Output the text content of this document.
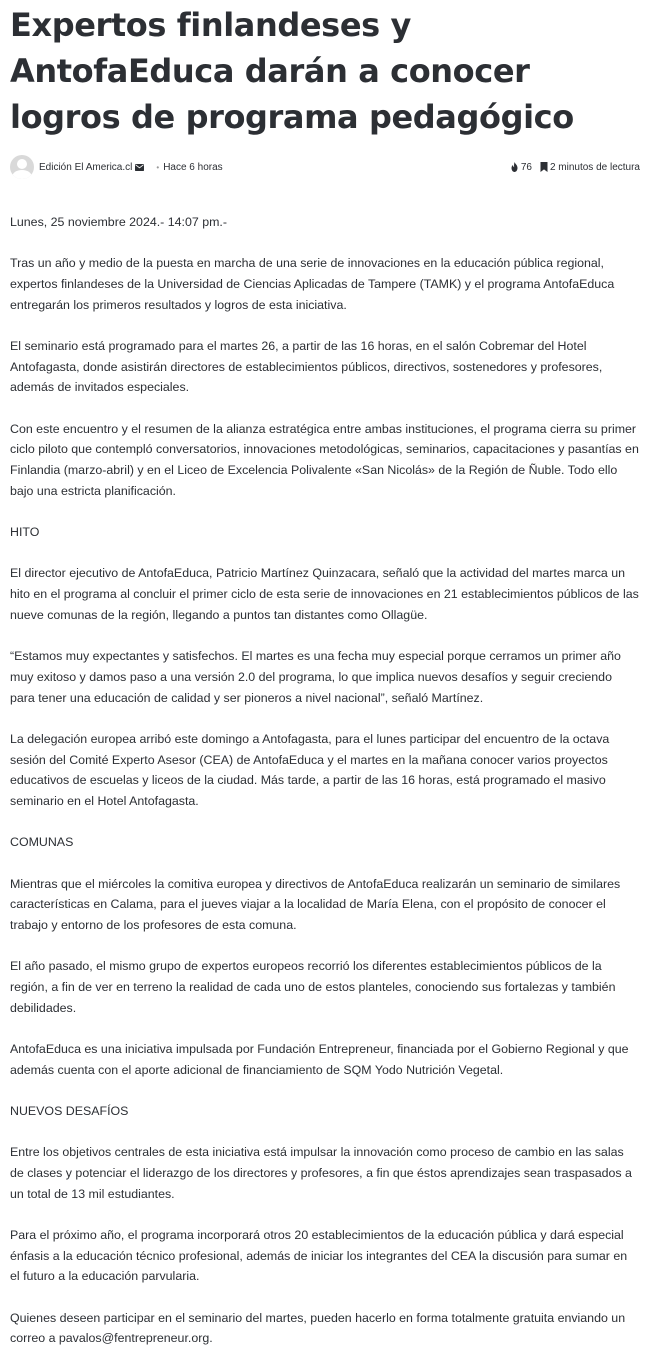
Expertos finlandeses y AntofaEduca darán a conocer logros de programa pedagógico
Edición El America.cl	• Hace 6 horas	76 2 minutos de lectura

Lunes, 25 noviembre 2024.- 14:07 pm.-

Tras un año y medio de la puesta en marcha de una serie de innovaciones en la educación pública regional, expertos finlandeses de la Universidad de Ciencias Aplicadas de Tampere (TAMK) y el programa AntofaEduca entregarán los primeros resultados y logros de esta iniciativa.

El seminario está programado para el martes 26, a partir de las 16 horas, en el salón Cobremar del Hotel Antofagasta, donde asistirán directores de establecimientos públicos, directivos, sostenedores y profesores, además de invitados especiales.

Con este encuentro y el resumen de la alianza estratégica entre ambas instituciones, el programa cierra su primer ciclo piloto que contempló conversatorios, innovaciones metodológicas, seminarios, capacitaciones y pasantías en Finlandia (marzo-abril) y en el Liceo de Excelencia Polivalente «San Nicolás» de la Región de Ñuble. Todo ello bajo una estricta planificación.

HITO

El director ejecutivo de AntofaEduca, Patricio Martínez Quinzacara, señaló que la actividad del martes marca un hito en el programa al concluir el primer ciclo de esta serie de innovaciones en 21 establecimientos públicos de las nueve comunas de la región, llegando a puntos tan distantes como Ollagüe.

“Estamos muy expectantes y satisfechos. El martes es una fecha muy especial porque cerramos un primer año muy exitoso y damos paso a una versión 2.0 del programa, lo que implica nuevos desafíos y seguir creciendo para tener una educación de calidad y ser pioneros a nivel nacional”, señaló Martínez.

La delegación europea arribó este domingo a Antofagasta, para el lunes participar del encuentro de la octava sesión del Comité Experto Asesor (CEA) de AntofaEduca y el martes en la mañana conocer varios proyectos educativos de escuelas y liceos de la ciudad. Más tarde, a partir de las 16 horas, está programado el masivo seminario en el Hotel Antofagasta.

COMUNAS

Mientras que el miércoles la comitiva europea y directivos de AntofaEduca realizarán un seminario de similares características en Calama, para el jueves viajar a la localidad de María Elena, con el propósito de conocer el trabajo y entorno de los profesores de esta comuna.

El año pasado, el mismo grupo de expertos europeos recorrió los diferentes establecimientos públicos de la región, a fin de ver en terreno la realidad de cada uno de estos planteles, conociendo sus fortalezas y también debilidades.

AntofaEduca es una iniciativa impulsada por Fundación Entrepreneur, financiada por el Gobierno Regional y que además cuenta con el aporte adicional de financiamiento de SQM Yodo Nutrición Vegetal.

NUEVOS DESAFÍOS

Entre los objetivos centrales de esta iniciativa está impulsar la innovación como proceso de cambio en las salas de clases y potenciar el liderazgo de los directores y profesores, a fin que éstos aprendizajes sean traspasados a un total de 13 mil estudiantes.

Para el próximo año, el programa incorporará otros 20 establecimientos de la educación pública y dará especial énfasis a la educación técnico profesional, además de iniciar los integrantes del CEA la discusión para sumar en el futuro a la educación parvularia.

Quienes deseen participar en el seminario del martes, pueden hacerlo en forma totalmente gratuita enviando un correo a pavalos@fentrepreneur.org.
